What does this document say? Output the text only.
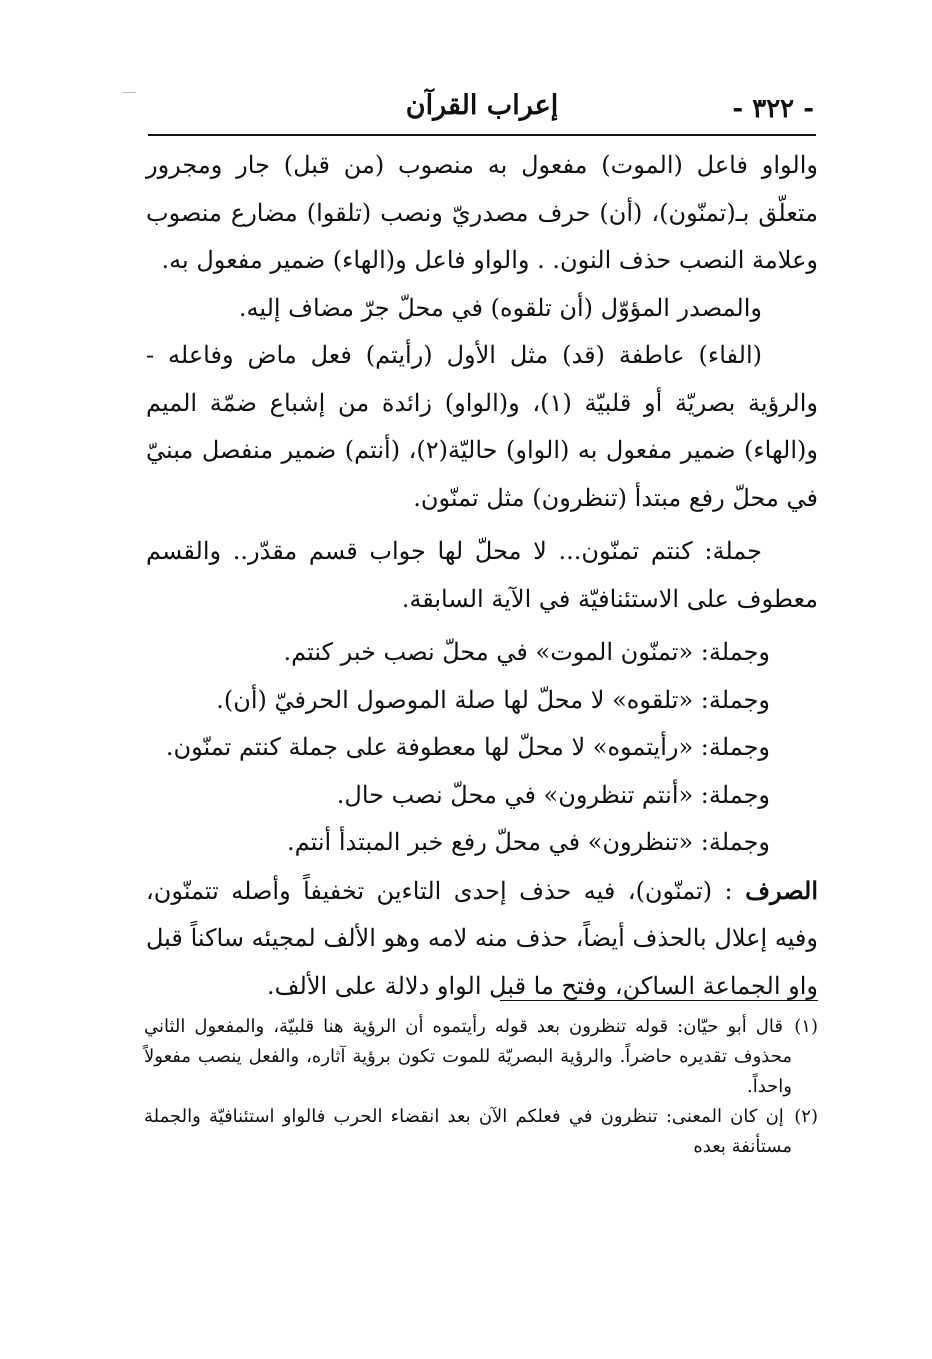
- ٣٢٢ -
إعراب القرآن

والواو فاعل (الموت) مفعول به منصوب (من قبل) جار ومجرور متعلّق بـ(تمنّون)، (أن) حرف مصدريّ ونصب (تلقوا) مضارع منصوب وعلامة النصب حذف النون. . والواو فاعل و(الهاء) ضمير مفعول به.

والمصدر المؤوّل (أن تلقوه) في محلّ جرّ مضاف إليه.

(الفاء) عاطفة (قد) مثل الأول (رأيتم) فعل ماض وفاعله - والرؤية بصريّة أو قلبيّة (١)، و(الواو) زائدة من إشباع ضمّة الميم و(الهاء) ضمير مفعول به (الواو) حاليّة(٢)، (أنتم) ضمير منفصل مبنيّ في محلّ رفع مبتدأ (تنظرون) مثل تمنّون.

جملة: كنتم تمنّون... لا محلّ لها جواب قسم مقدّر.. والقسم معطوف على الاستئنافيّة في الآية السابقة.

وجملة: «تمنّون الموت» في محلّ نصب خبر كنتم.

وجملة: «تلقوه» لا محلّ لها صلة الموصول الحرفيّ (أن).

وجملة: «رأيتموه» لا محلّ لها معطوفة على جملة كنتم تمنّون.

وجملة: «أنتم تنظرون» في محلّ نصب حال.

وجملة: «تنظرون» في محلّ رفع خبر المبتدأ أنتم.

الصرف : (تمنّون)، فيه حذف إحدى التاءين تخفيفاً وأصله تتمنّون، وفيه إعلال بالحذف أيضاً، حذف منه لامه وهو الألف لمجيئه ساكناً قبل واو الجماعة الساكن، وفتح ما قبل الواو دلالة على الألف.

(١) قال أبو حيّان: قوله تنظرون بعد قوله رأيتموه أن الرؤية هنا قلبيّة، والمفعول الثاني محذوف تقديره حاضراً. والرؤية البصريّة للموت تكون برؤية آثاره، والفعل ينصب مفعولاً واحداً.

(٢) إن كان المعنى: تنظرون في فعلكم الآن بعد انقضاء الحرب فالواو استئنافيّة والجملة مستأنفة بعده
